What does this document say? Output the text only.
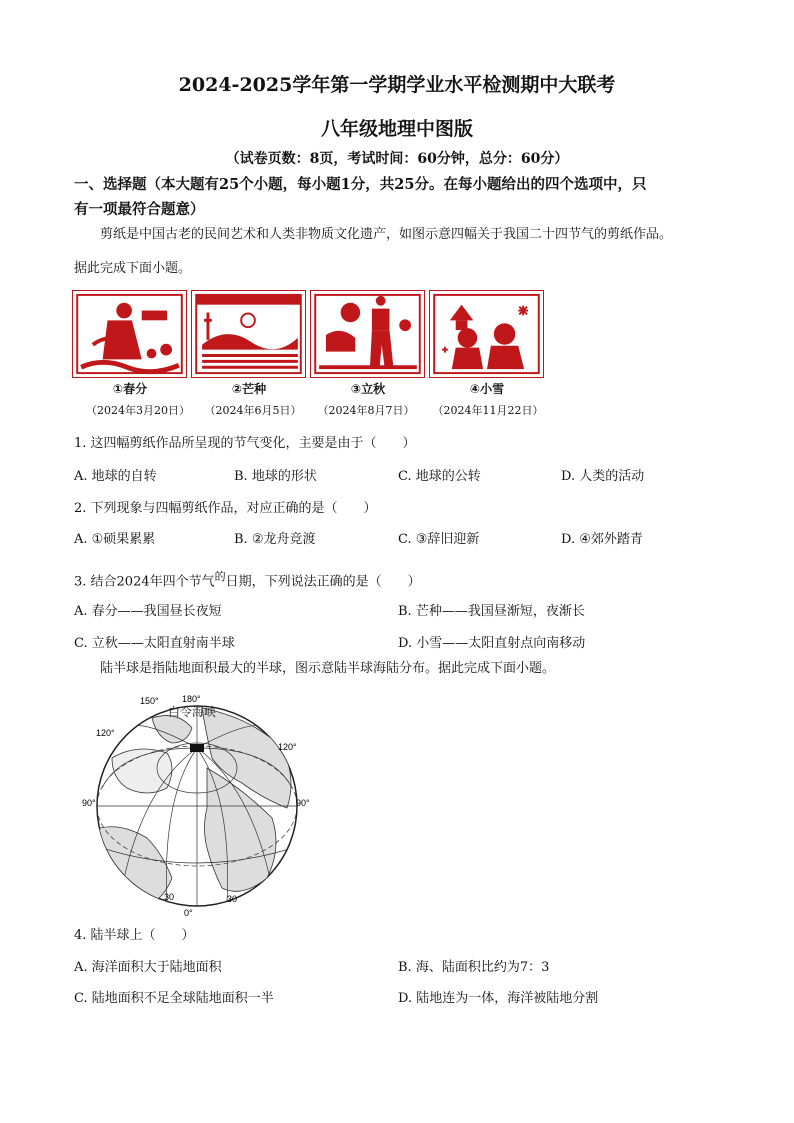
2024-2025学年第一学期学业水平检测期中大联考
八年级地理中图版
（试卷页数：8页，考试时间：60分钟，总分：60分）
一、选择题（本大题有25个小题，每小题1分，共25分。在每小题给出的四个选项中，只
有一项最符合题意）
剪纸是中国古老的民间艺术和人类非物质文化遗产，如图示意四幅关于我国二十四节气的剪纸作品。
据此完成下面小题。
①春分	②芒种	③立秋	④小雪
（2024年3月20日）	（2024年6月5日）	（2024年8月7日）	（2024年11月22日）
1. 这四幅剪纸作品所呈现的节气变化，主要是由于（　　）
A. 地球的自转	B. 地球的形状	C. 地球的公转	D. 人类的活动
2. 下列现象与四幅剪纸作品，对应正确的是（　　）
A. ①硕果累累	B. ②龙舟竞渡	C. ③辞旧迎新	D. ④郊外踏青
3. 结合2024年四个节气$^的$日期，下列说法正确的是（　　）
A. 春分——我国昼长夜短	B. 芒种——我国昼渐短，夜渐长
C. 立秋——太阳直射南半球	D. 小雪——太阳直射点向南移动
陆半球是指陆地面积最大的半球，图示意陆半球海陆分布。据此完成下面小题。
180°
150°
120°
120°
90°	90°
30	30
0°
白令海峡
4. 陆半球上（　　）
A. 海洋面积大于陆地面积	B. 海、陆面积比约为7：3
C. 陆地面积不足全球陆地面积一半	D. 陆地连为一体，海洋被陆地分割
